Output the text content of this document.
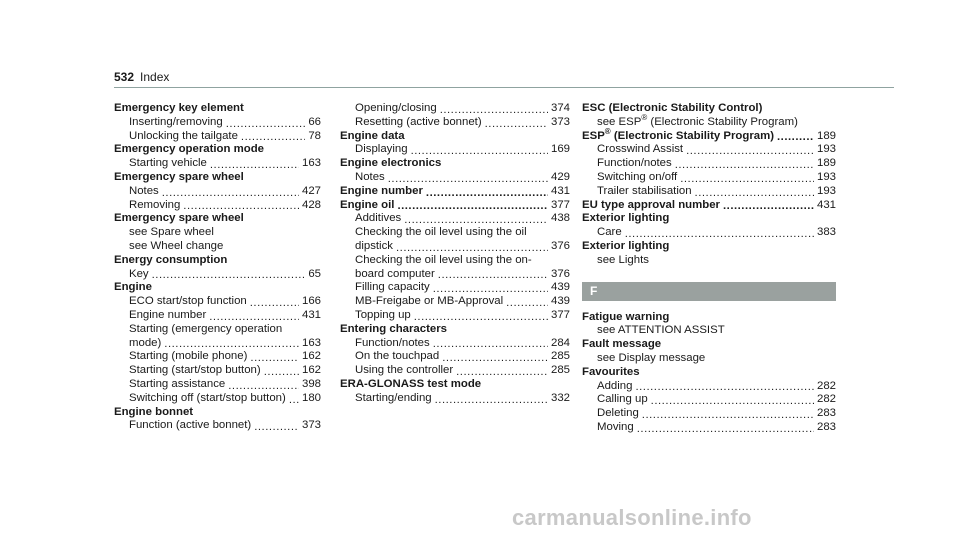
532 Index
Emergency key element
Inserting/removing .....	66
Unlocking the tailgate .....	78
Emergency operation mode
Starting vehicle .....	163
Emergency spare wheel
Notes .....	427
Removing .....	428
Emergency spare wheel
see Spare wheel
see Wheel change
Energy consumption
Key .....	65
Engine
ECO start/stop function .....	166
Engine number .....	431
Starting (emergency operation
mode) .....	163
Starting (mobile phone) .....	162
Starting (start/stop button) .....	162
Starting assistance .....	398
Switching off (start/stop button) ..... 180
Engine bonnet
Function (active bonnet) .....	373
Opening/closing .....	374
Resetting (active bonnet) .....	373
Engine data
Displaying .....	169
Engine electronics
Notes .....	429
Engine number .....	431
Engine oil .....	377
Additives .....	438
Checking the oil level using the oil
dipstick .....	376
Checking the oil level using the on-
board computer .....	376
Filling capacity .....	439
MB-Freigabe or MB-Approval .....	439
Topping up .....	377
Entering characters
Function/notes .....	284
On the touchpad .....	285
Using the controller .....	285
ERA-GLONASS test mode
Starting/ending .....	332
ESC (Electronic Stability Control)
see ESP® (Electronic Stability Program)
ESP® (Electronic Stability Program) .....	189
Crosswind Assist .....	193
Function/notes .....	189
Switching on/off .....	193
Trailer stabilisation .....	193
EU type approval number .....	431
Exterior lighting
Care .....	383
Exterior lighting
see Lights
F
Fatigue warning
see ATTENTION ASSIST
Fault message
see Display message
Favourites
Adding .....	282
Calling up .....	282
Deleting .....	283
Moving .....	283
carmanualsonline.info
